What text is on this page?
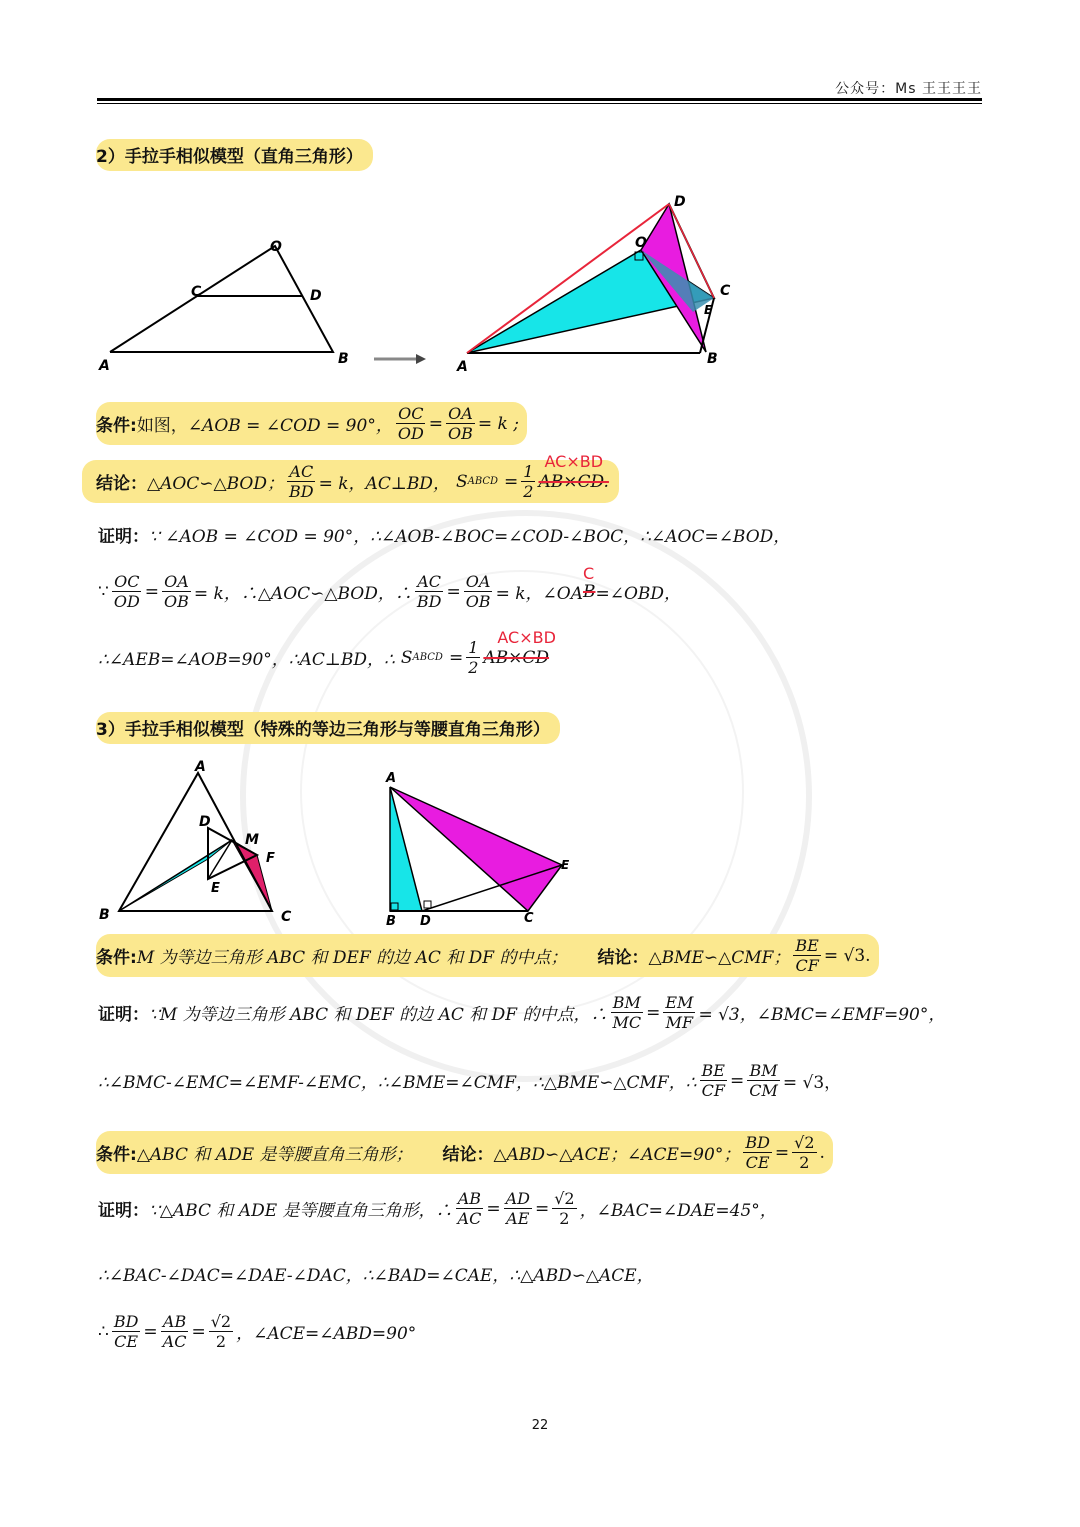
公众号：Ms 王王王王
2）手拉手相似模型（直角三角形）
O
C	D
A	B
D
O
C
E
A	B
条件: 如图， ∠AOB = ∠COD = 90°， $\frac{OC}{OD} = \frac{OA}{OB} = k$ ;
结论： △AOC∽△BOD； $\frac{AC}{BD} = k$， AC⊥BD， S ABCD = $\frac{1}{2} AB\times CD$.
AC×BD
证明： ∵ ∠AOB = ∠COD = 90°，∴∠AOB-∠BOC=∠COD-∠BOC，∴∠AOC=∠BOD，
∵ $\frac{OC}{OD} = \frac{OA}{OB} = k$，∴△AOC∽△BOD，∴ $\frac{AC}{BD} = \frac{OA}{OB} = k$，∠OA B
C
=∠OBD，
∴∠AEB=∠AOB=90°，∴AC⊥BD，∴ S ABCD = $\frac{1}{2} AB\times CD$
AC×BD
3）手拉手相似模型（特殊的等边三角形与等腰直角三角形）
A
D
M
F
E
B	C
A
E
B D	C
条件: M 为等边三角形 ABC 和 DEF 的边 AC 和 DF 的中点； 结论： △BME∽△CMF； $\frac{BE}{CF} = √3$.
证明： ∵M 为等边三角形 ABC 和 DEF 的边 AC 和 DF 的中点，∴ $\frac{BM}{MC} = \frac{EM}{MF} = √3$，∠BMC=∠EMF=90°，
∴∠BMC-∠EMC=∠EMF-∠EMC，∴∠BME=∠CMF，∴△BME∽△CMF，∴ $\frac{BE}{CF} = \frac{BM}{CM} = √3$，
条件: △ABC 和 ADE 是等腰直角三角形； 结论： △ABD∽△ACE；∠ACE=90°； $\frac{BD}{CE} = \frac{√2}{2}$ .
证明： ∵△ABC 和 ADE 是等腰直角三角形，∴ $\frac{AB}{AC} = \frac{AD}{AE} = \frac{√2}{2}$ ，∠BAC=∠DAE=45°，
∴∠BAC-∠DAC=∠DAE-∠DAC，∴∠BAD=∠CAE，∴△ABD∽△ACE，
∴ $\frac{BD}{CE} = \frac{AB}{AC} = \frac{√2}{2}$ ，∠ACE=∠ABD=90°
22
